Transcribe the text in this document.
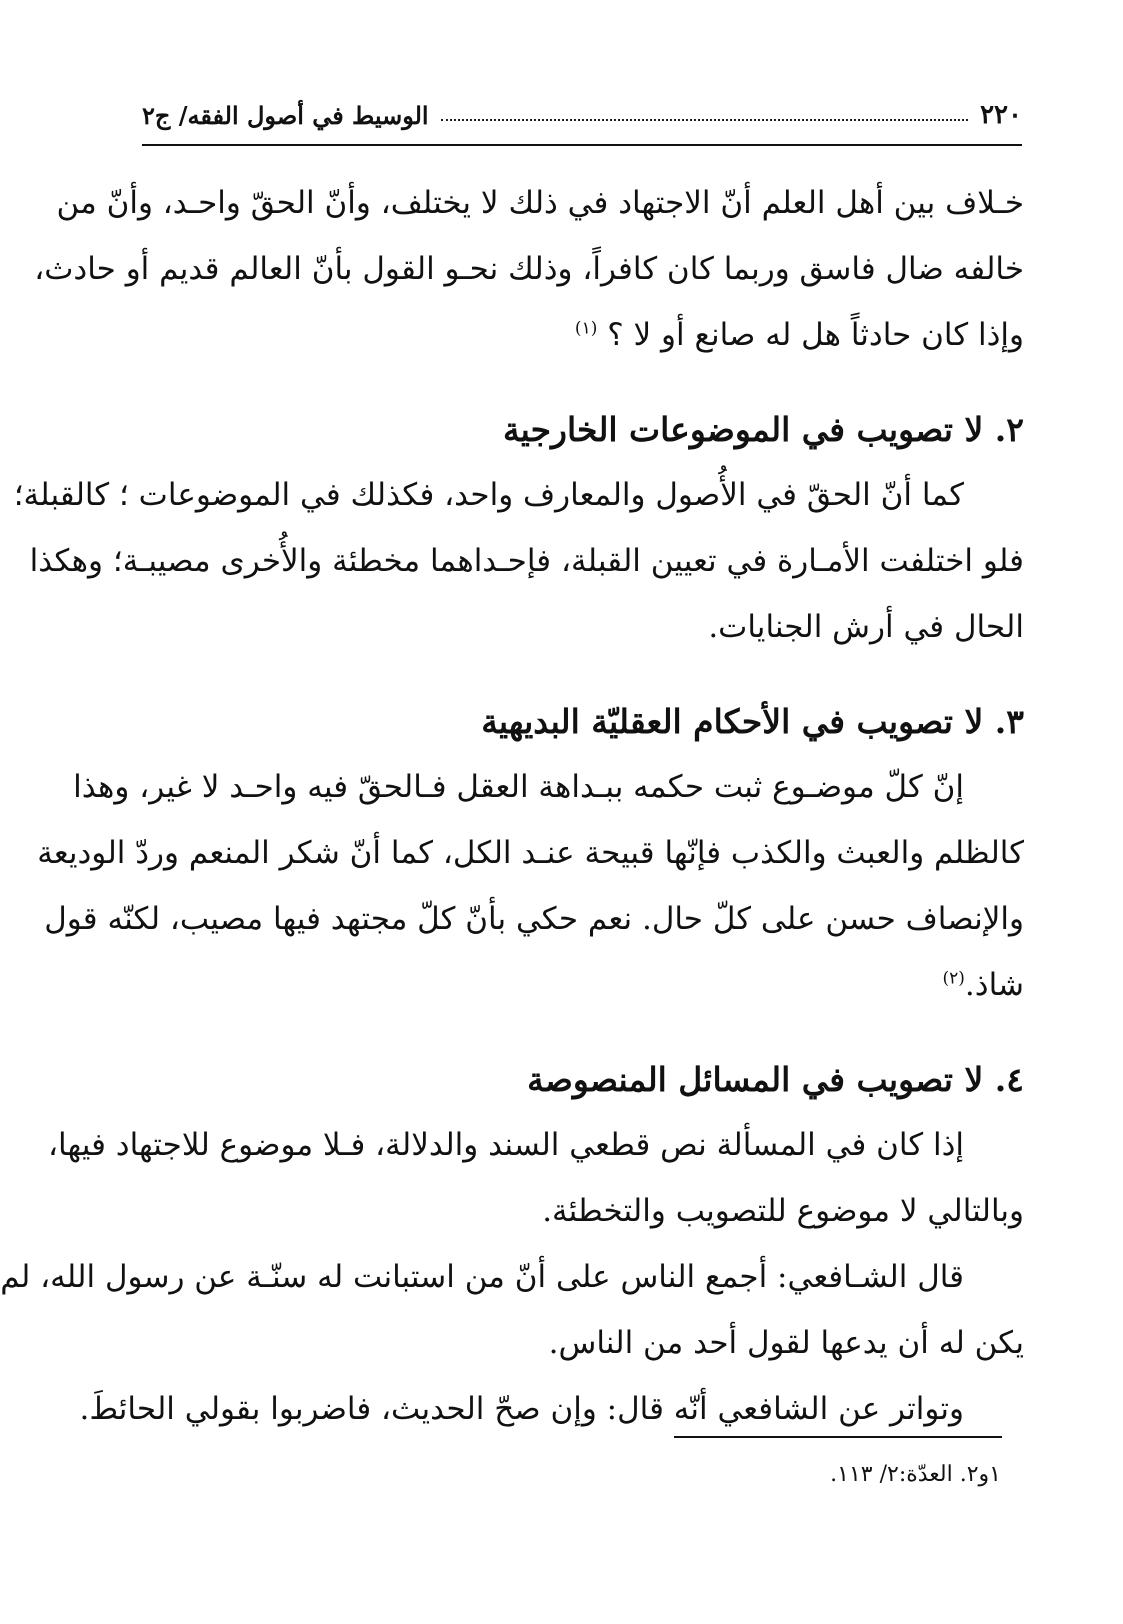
٢٢٠
الوسيط في أصول الفقه/ ج٢
خـلاف بين أهل العلم أنّ الاجتهاد في ذلك لا يختلف، وأنّ الحقّ واحـد، وأنّ من
خالفه ضال فاسق وربما كان كافراً، وذلك نحـو القول بأنّ العالم قديم أو حادث،
وإذا كان حادثاً هل له صانع أو لا ؟ $^{(١)}$
٢. لا تصويب في الموضوعات الخارجية
كما أنّ الحقّ في الأُصول والمعارف واحد، فكذلك في الموضوعات ؛ كالقبلة؛
فلو اختلفت الأمـارة في تعيين القبلة، فإحـداهما مخطئة والأُخرى مصيبـة؛ وهكذا
الحال في أرش الجنايات.
٣. لا تصويب في الأحكام العقليّة البديهية
إنّ كلّ موضـوع ثبت حكمه ببـداهة العقل فـالحقّ فيه واحـد لا غير، وهذا
كالظلم والعبث والكذب فإنّها قبيحة عنـد الكل، كما أنّ شكر المنعم وردّ الوديعة
والإنصاف حسن على كلّ حال. نعم حكي بأنّ كلّ مجتهد فيها مصيب، لكنّه قول
شاذ.$^{(٢)}$
٤. لا تصويب في المسائل المنصوصة
إذا كان في المسألة نص قطعي السند والدلالة، فـلا موضوع للاجتهاد فيها،
وبالتالي لا موضوع للتصويب والتخطئة.
قال الشـافعي: أجمع الناس على أنّ من استبانت له سنّـة عن رسول الله، لم
يكن له أن يدعها لقول أحد من الناس.
وتواتر عن الشافعي أنّه قال: وإن صحّ الحديث، فاضربوا بقولي الحائطَ.
١و٢. العدّة:٢/ ١١٣.
